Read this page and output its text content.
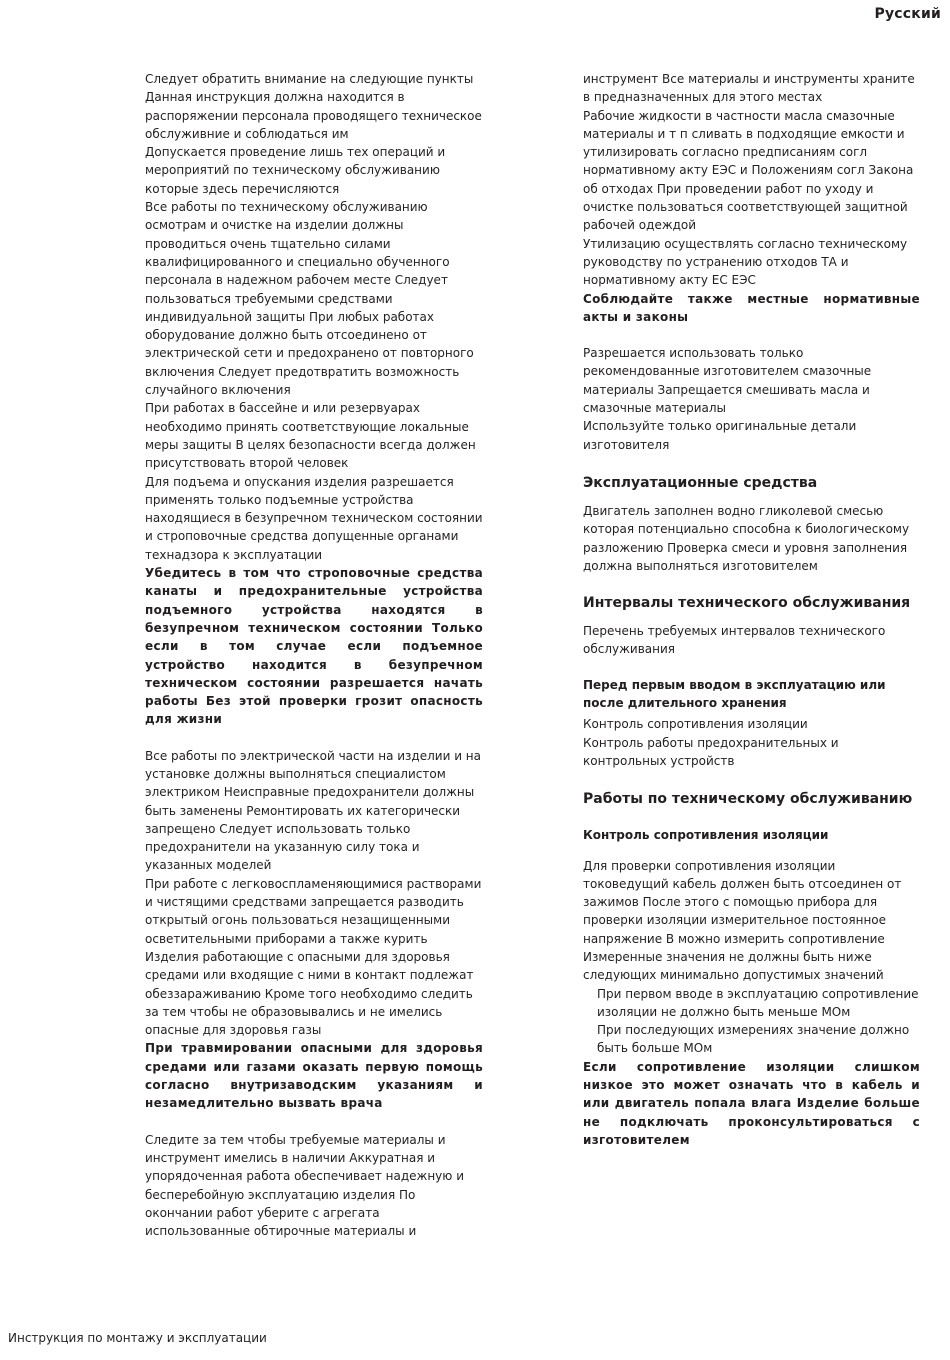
Русский

Следует обратить внимание на следующие пункты

Данная инструкция должна находится в распоряжении персонала проводящего техническое обслуживние и соблюдаться им

Допускается проведение лишь тех операций и мероприятий по техническому обслуживанию которые здесь перечисляются

Все работы по техническому обслуживанию осмотрам и очистке на изделии должны проводиться очень тщательно силами квалифицированного и специально обученного персонала в надежном рабочем месте Следует пользоваться требуемыми средствами индивидуальной защиты При любых работах оборудование должно быть отсоединено от электрической сети и предохранено от повторного включения Следует предотвратить возможность случайного включения

При работах в бассейне и или резервуарах необходимо принять соответствующие локальные меры защиты В целях безопасности всегда должен присутствовать второй человек

Для подъема и опускания изделия разрешается применять только подъемные устройства находящиеся в безупречном техническом состоянии и строповочные средства допущенные органами технадзора к эксплуатации

Убедитесь в том что строповочные средства канаты и предохранительные устройства подъемного устройства находятся в безупречном техническом состоянии Только если в том случае если подъемное устройство находится в безупречном техническом состоянии разрешается начать работы Без этой проверки грозит опасность для жизни

Все работы по электрической части на изделии и на установке должны выполняться специалистом электриком Неисправные предохранители должны быть заменены Ремонтировать их категорически запрещено Следует использовать только предохранители на указанную силу тока и указанных моделей

При работе с легковоспламеняющимися растворами и чистящими средствами запрещается разводить открытый огонь пользоваться незащищенными осветительными приборами а также курить

Изделия работающие с опасными для здоровья средами или входящие с ними в контакт подлежат обеззараживанию Кроме того необходимо следить за тем чтобы не образовывались и не имелись опасные для здоровья газы

При травмировании опасными для здоровья средами или газами оказать первую помощь согласно внутризаводским указаниям и незамедлительно вызвать врача

Следите за тем чтобы требуемые материалы и инструмент имелись в наличии Аккуратная и упорядоченная работа обеспечивает надежную и бесперебойную эксплуатацию изделия По окончании работ уберите с агрегата использованные обтирочные материалы и

инструмент Все материалы и инструменты храните в предназначенных для этого местах

Рабочие жидкости в частности масла смазочные материалы и т п сливать в подходящие емкости и утилизировать согласно предписаниям согл нормативному акту ЕЭС и Положениям согл Закона об отходах При проведении работ по уходу и очистке пользоваться соответствующей защитной рабочей одеждой

Утилизацию осуществлять согласно техническому руководству по устранению отходов ТА и нормативному акту ЕС ЕЭС

Соблюдайте также местные нормативные акты и законы

Разрешается использовать только рекомендованные изготовителем смазочные материалы Запрещается смешивать масла и смазочные материалы

Используйте только оригинальные детали изготовителя

Эксплуатационные средства

Двигатель заполнен водно гликолевой смесью которая потенциально способна к биологическому разложению Проверка смеси и уровня заполнения должна выполняться изготовителем

Интервалы технического обслуживания

Перечень требуемых интервалов технического обслуживания

Перед первым вводом в эксплуатацию или после длительного хранения

Контроль сопротивления изоляции

Контроль работы предохранительных и контрольных устройств

Работы по техническому обслуживанию
Контроль сопротивления изоляции

Для проверки сопротивления изоляции токоведущий кабель должен быть отсоединен от зажимов После этого с помощью прибора для проверки изоляции измерительное постоянное напряжение В можно измерить сопротивление Измеренные значения не должны быть ниже следующих минимально допустимых значений

При первом вводе в эксплуатацию сопротивление изоляции не должно быть меньше МОм

При последующих измерениях значение должно быть больше МОм

Если сопротивление изоляции слишком низкое это может означать что в кабель и или двигатель попала влага Изделие больше не подключать проконсультироваться с изготовителем

Инструкция по монтажу и эксплуатации
